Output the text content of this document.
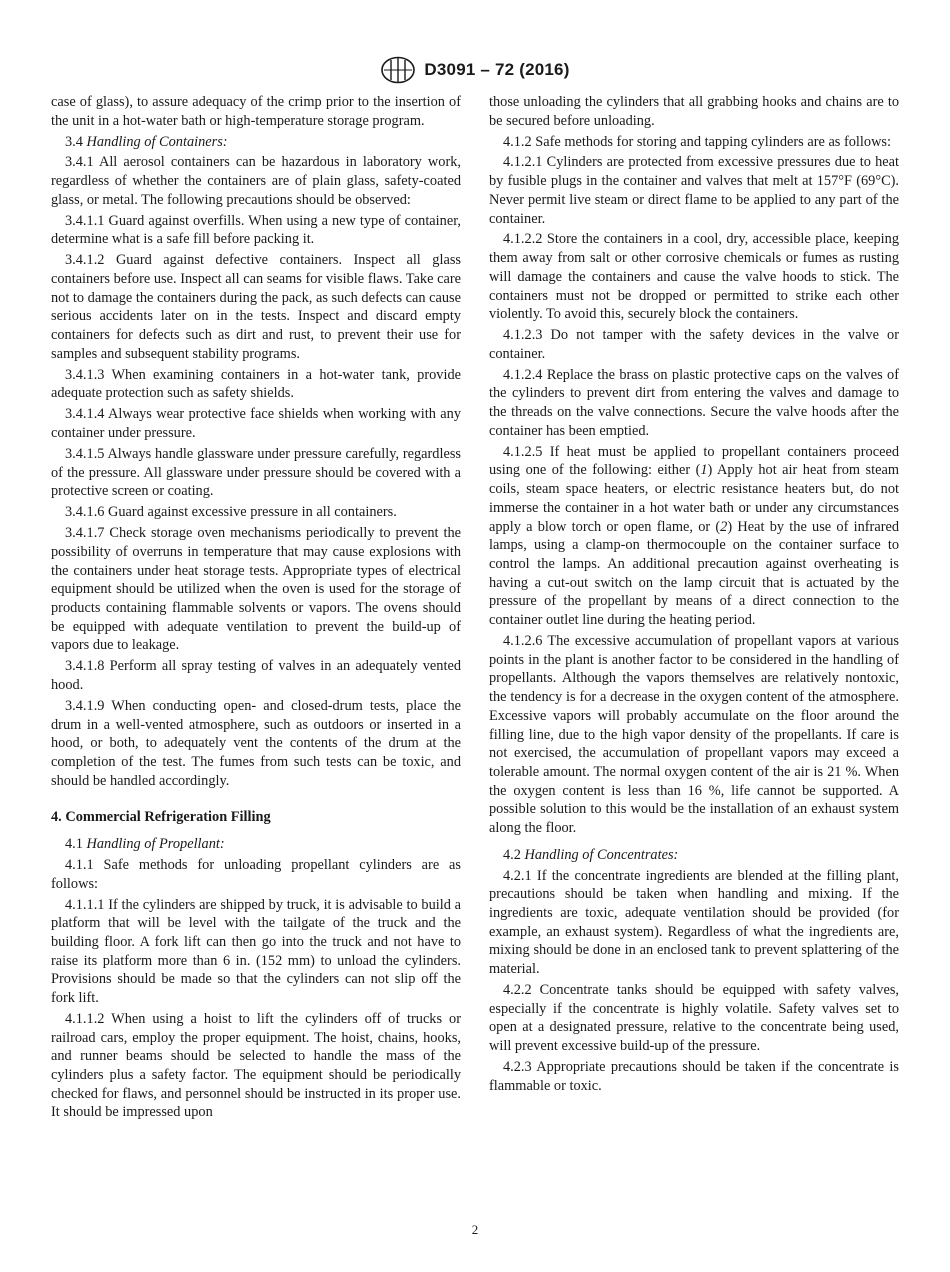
D3091 – 72 (2016)

case of glass), to assure adequacy of the crimp prior to the insertion of the unit in a hot-water bath or high-temperature storage program.

3.4 Handling of Containers:

3.4.1 All aerosol containers can be hazardous in laboratory work, regardless of whether the containers are of plain glass, safety-coated glass, or metal. The following precautions should be observed:

3.4.1.1 Guard against overfills. When using a new type of container, determine what is a safe fill before packing it.

3.4.1.2 Guard against defective containers. Inspect all glass containers before use. Inspect all can seams for visible flaws. Take care not to damage the containers during the pack, as such defects can cause serious accidents later on in the tests. Inspect and discard empty containers for defects such as dirt and rust, to prevent their use for samples and subsequent stability programs.

3.4.1.3 When examining containers in a hot-water tank, provide adequate protection such as safety shields.

3.4.1.4 Always wear protective face shields when working with any container under pressure.

3.4.1.5 Always handle glassware under pressure carefully, regardless of the pressure. All glassware under pressure should be covered with a protective screen or coating.

3.4.1.6 Guard against excessive pressure in all containers.

3.4.1.7 Check storage oven mechanisms periodically to prevent the possibility of overruns in temperature that may cause explosions with the containers under heat storage tests. Appropriate types of electrical equipment should be utilized when the oven is used for the storage of products containing flammable solvents or vapors. The ovens should be equipped with adequate ventilation to prevent the build-up of vapors due to leakage.

3.4.1.8 Perform all spray testing of valves in an adequately vented hood.

3.4.1.9 When conducting open- and closed-drum tests, place the drum in a well-vented atmosphere, such as outdoors or inserted in a hood, or both, to adequately vent the contents of the drum at the completion of the test. The fumes from such tests can be toxic, and should be handled accordingly.

4. Commercial Refrigeration Filling

4.1 Handling of Propellant:

4.1.1 Safe methods for unloading propellant cylinders are as follows:

4.1.1.1 If the cylinders are shipped by truck, it is advisable to build a platform that will be level with the tailgate of the truck and the building floor. A fork lift can then go into the truck and not have to raise its platform more than 6 in. (152 mm) to unload the cylinders. Provisions should be made so that the cylinders can not slip off the fork lift.

4.1.1.2 When using a hoist to lift the cylinders off of trucks or railroad cars, employ the proper equipment. The hoist, chains, hooks, and runner beams should be selected to handle the mass of the cylinders plus a safety factor. The equipment should be periodically checked for flaws, and personnel should be instructed in its proper use. It should be impressed upon

those unloading the cylinders that all grabbing hooks and chains are to be secured before unloading.

4.1.2 Safe methods for storing and tapping cylinders are as follows:

4.1.2.1 Cylinders are protected from excessive pressures due to heat by fusible plugs in the container and valves that melt at 157°F (69°C). Never permit live steam or direct flame to be applied to any part of the container.

4.1.2.2 Store the containers in a cool, dry, accessible place, keeping them away from salt or other corrosive chemicals or fumes as rusting will damage the containers and cause the valve hoods to stick. The containers must not be dropped or permitted to strike each other violently. To avoid this, securely block the containers.

4.1.2.3 Do not tamper with the safety devices in the valve or container.

4.1.2.4 Replace the brass on plastic protective caps on the valves of the cylinders to prevent dirt from entering the valves and damage to the threads on the valve connections. Secure the valve hoods after the container has been emptied.

4.1.2.5 If heat must be applied to propellant containers proceed using one of the following: either (1) Apply hot air heat from steam coils, steam space heaters, or electric resistance heaters but, do not immerse the container in a hot water bath or under any circumstances apply a blow torch or open flame, or (2) Heat by the use of infrared lamps, using a clamp-on thermocouple on the container surface to control the lamps. An additional precaution against overheating is having a cut-out switch on the lamp circuit that is actuated by the pressure of the propellant by means of a direct connection to the container outlet line during the heating period.

4.1.2.6 The excessive accumulation of propellant vapors at various points in the plant is another factor to be considered in the handling of propellants. Although the vapors themselves are relatively nontoxic, the tendency is for a decrease in the oxygen content of the atmosphere. Excessive vapors will probably accumulate on the floor around the filling line, due to the high vapor density of the propellants. If care is not exercised, the accumulation of propellant vapors may exceed a tolerable amount. The normal oxygen content of the air is 21 %. When the oxygen content is less than 16 %, life cannot be supported. A possible solution to this would be the installation of an exhaust system along the floor.

4.2 Handling of Concentrates:

4.2.1 If the concentrate ingredients are blended at the filling plant, precautions should be taken when handling and mixing. If the ingredients are toxic, adequate ventilation should be provided (for example, an exhaust system). Regardless of what the ingredients are, mixing should be done in an enclosed tank to prevent splattering of the material.

4.2.2 Concentrate tanks should be equipped with safety valves, especially if the concentrate is highly volatile. Safety valves set to open at a designated pressure, relative to the concentrate being used, will prevent excessive build-up of the pressure.

4.2.3 Appropriate precautions should be taken if the concentrate is flammable or toxic.

2
